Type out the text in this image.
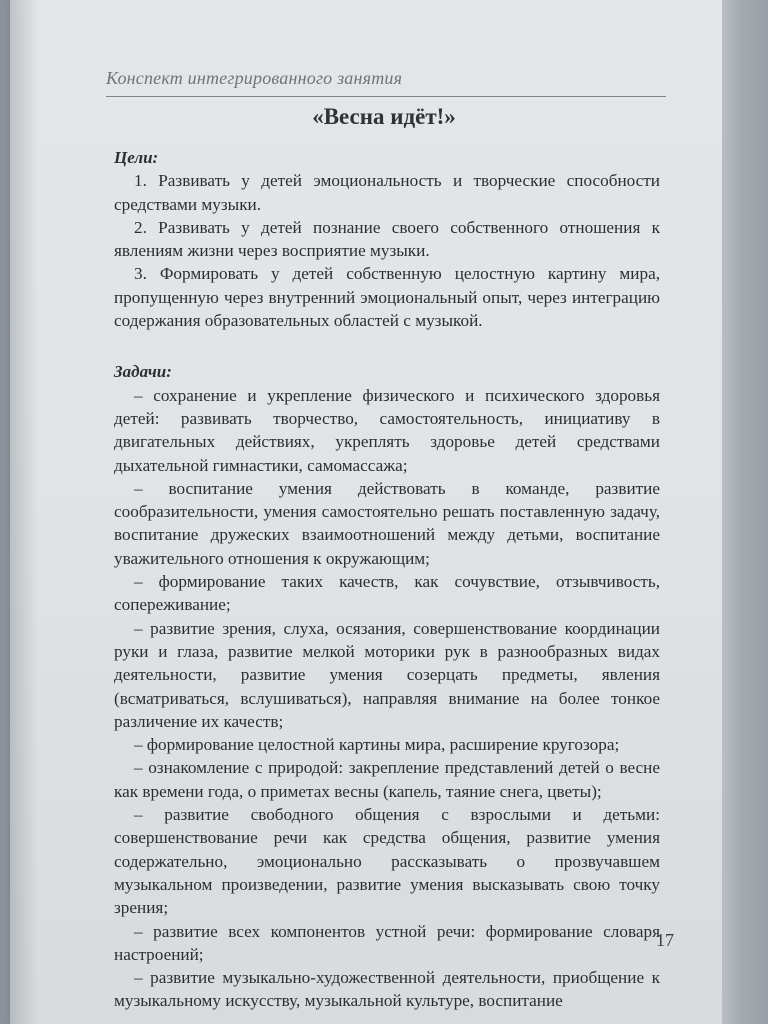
Конспект интегрированного занятия
«Весна идёт!»
Цели:

1. Развивать у детей эмоциональность и творческие способности средствами музыки.

2. Развивать у детей познание своего собственного отношения к явлениям жизни через восприятие музыки.

3. Формировать у детей собственную целостную картину мира, пропущенную через внутренний эмоциональный опыт, через интеграцию содержания образовательных областей с музыкой.

Задачи:

– сохранение и укрепление физического и психического здоровья детей: развивать творчество, самостоятельность, инициативу в двигательных действиях, укреплять здоровье детей средствами дыхательной гимнастики, самомассажа;

– воспитание умения действовать в команде, развитие сообразительности, умения самостоятельно решать поставленную задачу, воспитание дружеских взаимоотношений между детьми, воспитание уважительного отношения к окружающим;

– формирование таких качеств, как сочувствие, отзывчивость, сопереживание;

– развитие зрения, слуха, осязания, совершенствование координации руки и глаза, развитие мелкой моторики рук в разнообразных видах деятельности, развитие умения созерцать предметы, явления (всматриваться, вслушиваться), направляя внимание на более тонкое различение их качеств;

– формирование целостной картины мира, расширение кругозора;

– ознакомление с природой: закрепление представлений детей о весне как времени года, о приметах весны (капель, таяние снега, цветы);

– развитие свободного общения с взрослыми и детьми: совершенствование речи как средства общения, развитие умения содержательно, эмоционально рассказывать о прозвучавшем музыкальном произведении, развитие умения высказывать свою точку зрения;

– развитие всех компонентов устной речи: формирование словаря настроений;

– развитие музыкально-художественной деятельности, приобщение к музыкальному искусству, музыкальной культуре, воспитание

17
